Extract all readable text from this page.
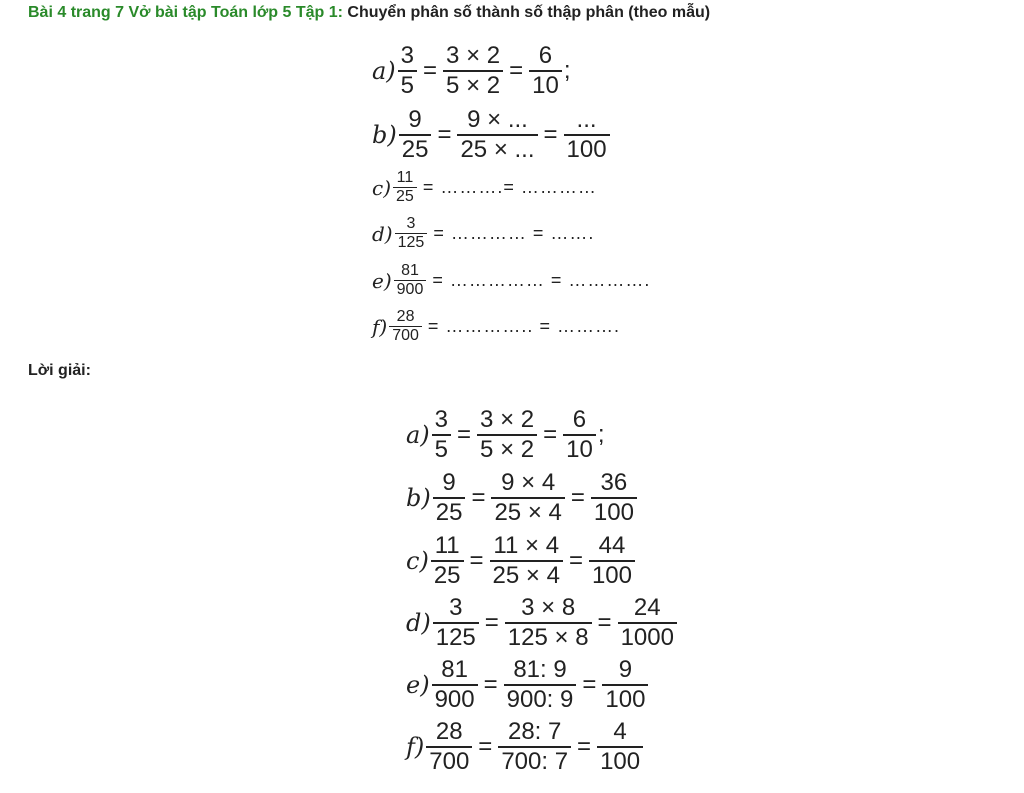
Bài 4 trang 7 Vở bài tập Toán lớp 5 Tập 1: Chuyển phân số thành số thập phân (theo mẫu)
$a) \frac{3}{5} = \frac{3 \times 2}{5 \times 2} = \frac{6}{10}$ ;
$b) \frac{9}{25} = \frac{9 \times ...}{25 \times ...} = \frac{...}{100}$
$c) \frac{11}{25}$ = ……….= …………
$d) \frac{3}{125}$ = ………… = …….
$e) \frac{81}{900}$ = …………… = ………….
$f) \frac{28}{700}$ = ………….. = ……….
Lời giải:
$a) \frac{3}{5} = \frac{3 \times 2}{5 \times 2} = \frac{6}{10}$ ;
$b) \frac{9}{25} = \frac{9 \times 4}{25 \times 4} = \frac{36}{100}$
$c) \frac{11}{25} = \frac{11 \times 4}{25 \times 4} = \frac{44}{100}$
$d) \frac{3}{125} = \frac{3 \times 8}{125 \times 8} = \frac{24}{1000}$
$e) \frac{81}{900} = \frac{81: 9}{900: 9} = \frac{9}{100}$
$f) \frac{28}{700} = \frac{28: 7}{700: 7} = \frac{4}{100}$
